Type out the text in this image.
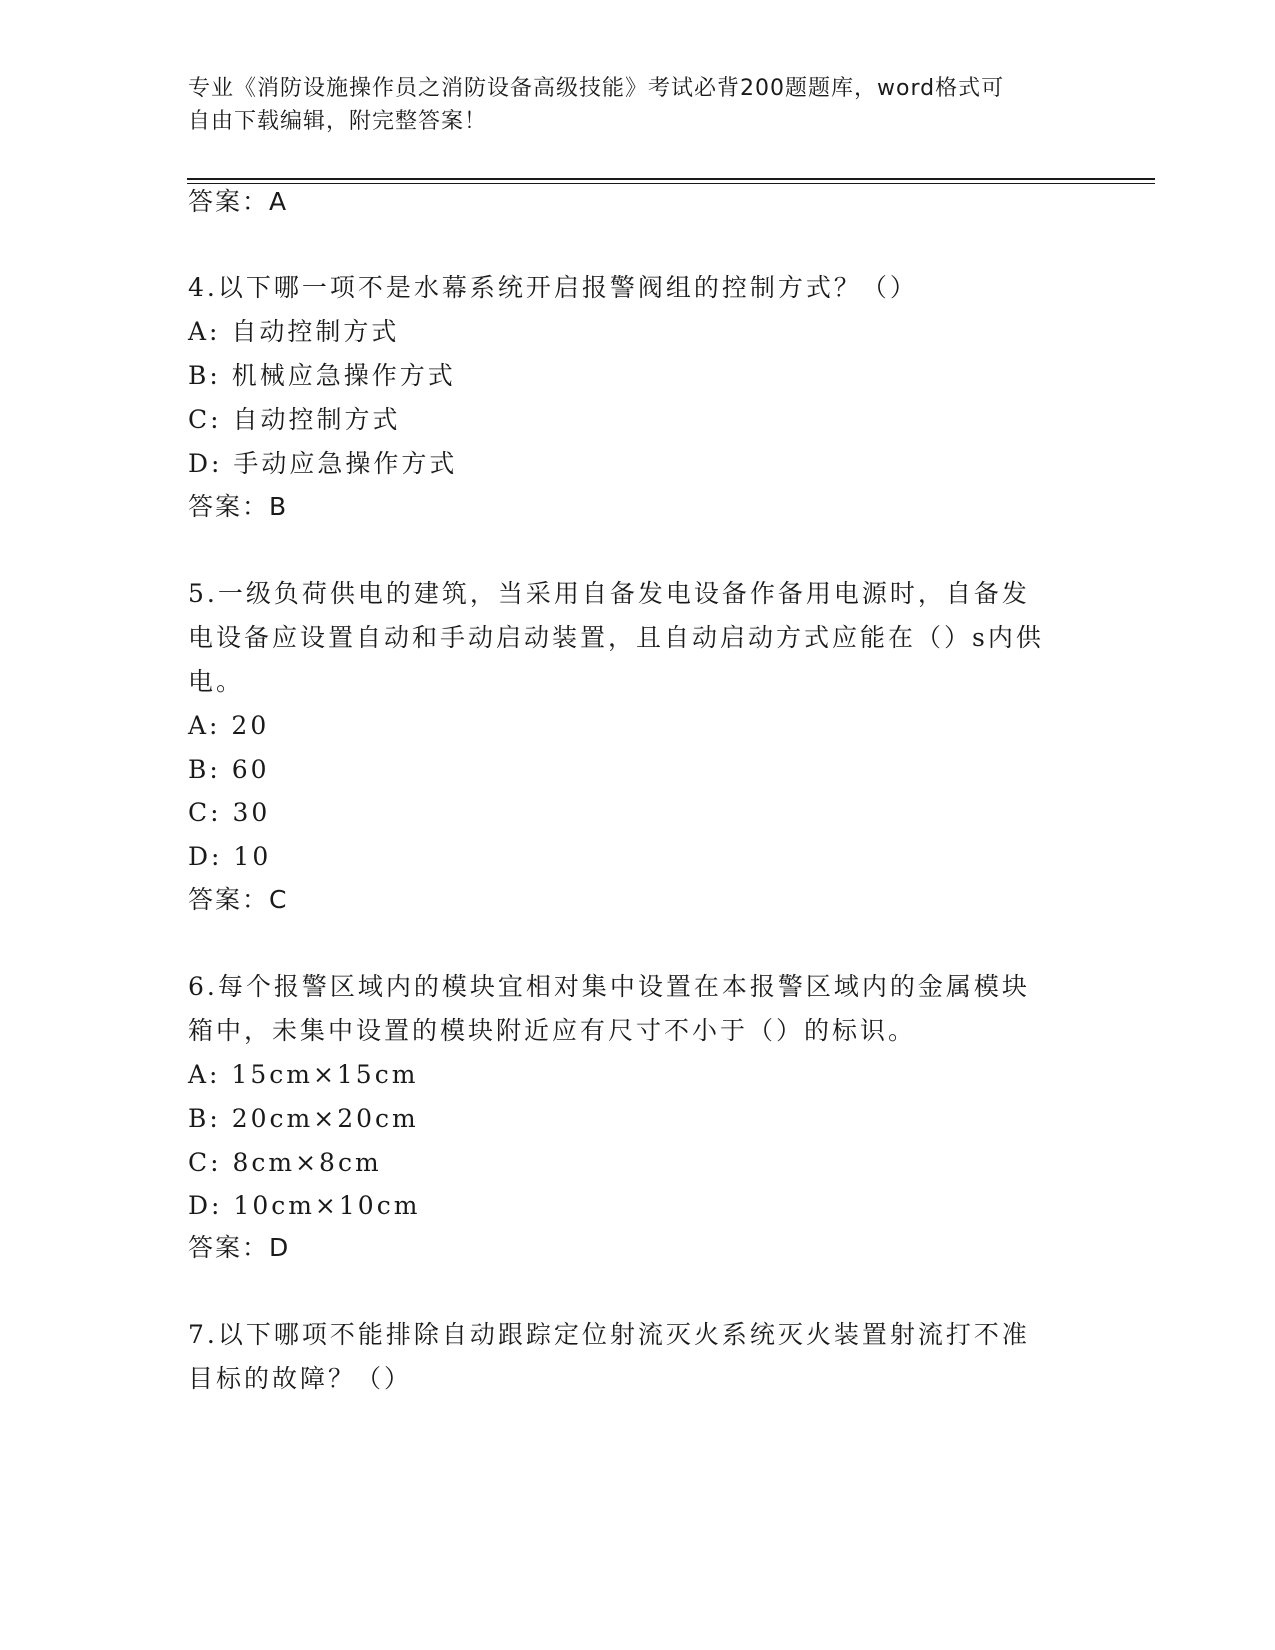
专业《消防设施操作员之消防设备高级技能》考试必背200题题库，word格式可
自由下载编辑，附完整答案！
答案：A
4.以下哪一项不是水幕系统开启报警阀组的控制方式？（）
A: 自动控制方式
B: 机械应急操作方式
C: 自动控制方式
D: 手动应急操作方式
答案：B
5.一级负荷供电的建筑，当采用自备发电设备作备用电源时，自备发
电设备应设置自动和手动启动装置，且自动启动方式应能在（）s内供
电。
A: 20
B: 60
C: 30
D: 10
答案：C
6.每个报警区域内的模块宜相对集中设置在本报警区域内的金属模块
箱中，未集中设置的模块附近应有尺寸不小于（）的标识。
A: 15cm×15cm
B: 20cm×20cm
C: 8cm×8cm
D: 10cm×10cm
答案：D
7.以下哪项不能排除自动跟踪定位射流灭火系统灭火装置射流打不准
目标的故障？（）
